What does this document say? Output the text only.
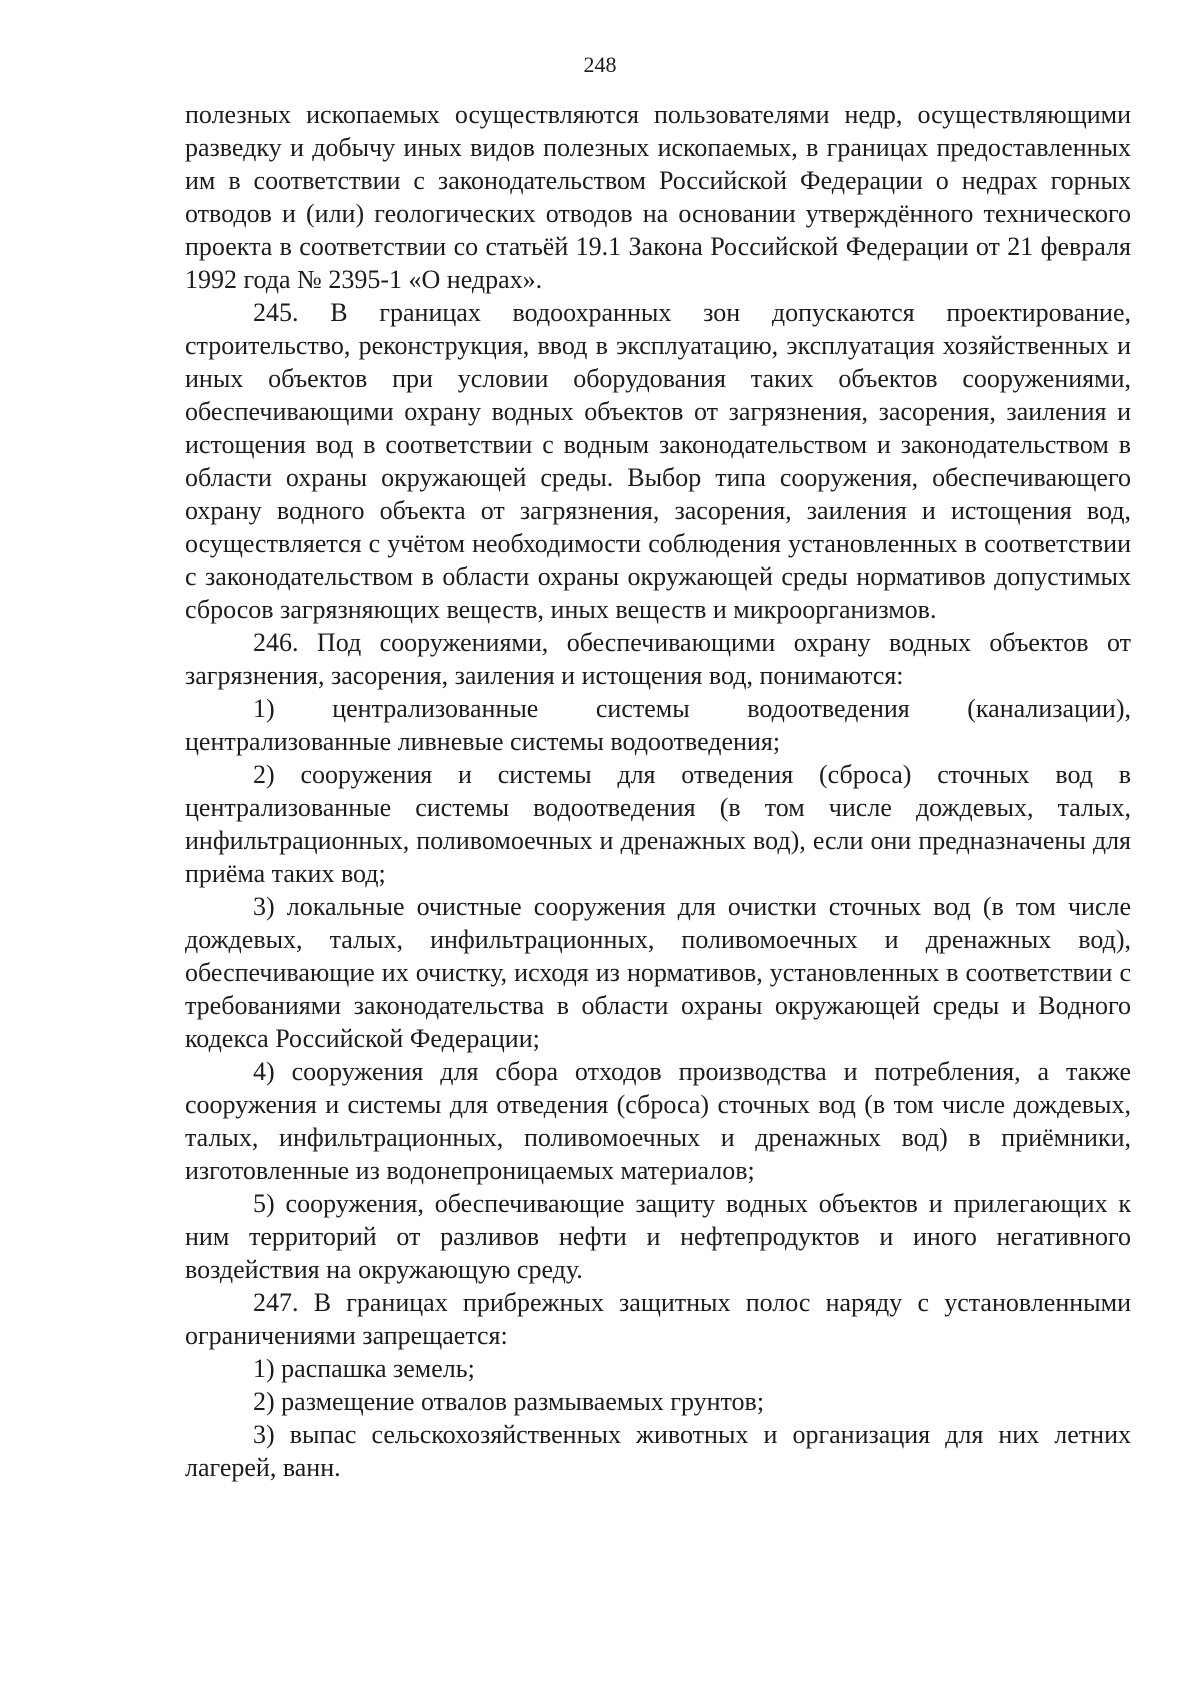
248

полезных ископаемых осуществляются пользователями недр, осуществляющими разведку и добычу иных видов полезных ископаемых, в границах предоставленных им в соответствии с законодательством Российской Федерации о недрах горных отводов и (или) геологических отводов на основании утверждённого технического проекта в соответствии со статьёй 19.1 Закона Российской Федерации от 21 февраля 1992 года № 2395-1 «О недрах».

245. В границах водоохранных зон допускаются проектирование, строительство, реконструкция, ввод в эксплуатацию, эксплуатация хозяйственных и иных объектов при условии оборудования таких объектов сооружениями, обеспечивающими охрану водных объектов от загрязнения, засорения, заиления и истощения вод в соответствии с водным законодательством и законодательством в области охраны окружающей среды. Выбор типа сооружения, обеспечивающего охрану водного объекта от загрязнения, засорения, заиления и истощения вод, осуществляется с учётом необходимости соблюдения установленных в соответствии с законодательством в области охраны окружающей среды нормативов допустимых сбросов загрязняющих веществ, иных веществ и микроорганизмов.

246. Под сооружениями, обеспечивающими охрану водных объектов от загрязнения, засорения, заиления и истощения вод, понимаются:

1) централизованные системы водоотведения (канализации), централизованные ливневые системы водоотведения;

2) сооружения и системы для отведения (сброса) сточных вод в централизованные системы водоотведения (в том числе дождевых, талых, инфильтрационных, поливомоечных и дренажных вод), если они предназначены для приёма таких вод;

3) локальные очистные сооружения для очистки сточных вод (в том числе дождевых, талых, инфильтрационных, поливомоечных и дренажных вод), обеспечивающие их очистку, исходя из нормативов, установленных в соответствии с требованиями законодательства в области охраны окружающей среды и Водного кодекса Российской Федерации;

4) сооружения для сбора отходов производства и потребления, а также сооружения и системы для отведения (сброса) сточных вод (в том числе дождевых, талых, инфильтрационных, поливомоечных и дренажных вод) в приёмники, изготовленные из водонепроницаемых материалов;

5) сооружения, обеспечивающие защиту водных объектов и прилегающих к ним территорий от разливов нефти и нефтепродуктов и иного негативного воздействия на окружающую среду.

247. В границах прибрежных защитных полос наряду с установленными ограничениями запрещается:

1) распашка земель;

2) размещение отвалов размываемых грунтов;

3) выпас сельскохозяйственных животных и организация для них летних лагерей, ванн.
